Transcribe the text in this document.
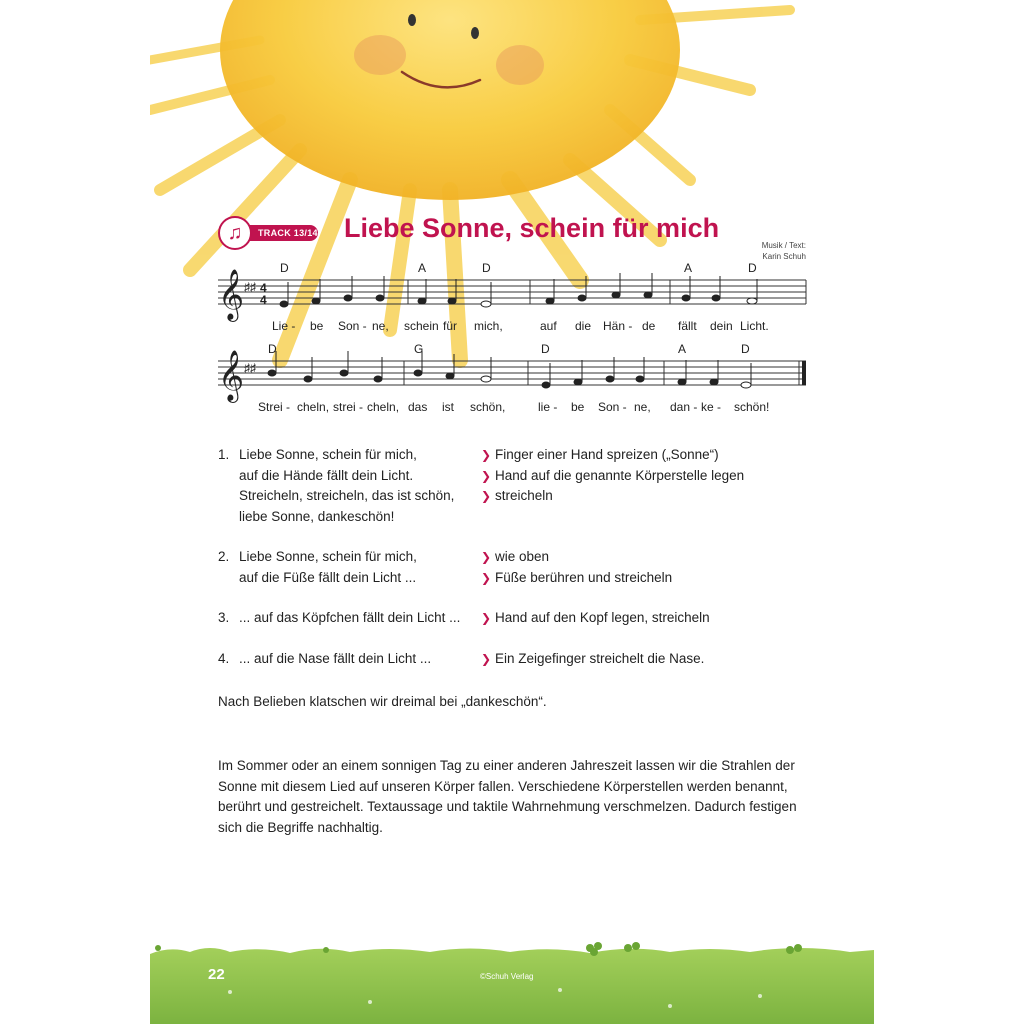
TRACK 13/14
♫	Liebe Sonne, schein für mich
Musik / Text:
Karin Schuh
𝄞 ♯♯ 4
4
D	A	D	A	D
Lie - be Son - ne, schein für mich,	auf die Hän - de fällt dein Licht.
𝄞 ♯♯
D	G	D	A	D
Strei - cheln, strei - cheln, das ist schön,	lie - be Son - ne, dan - ke - schön!
1. Liebe Sonne, schein für mich,	❯ Finger einer Hand spreizen („Sonne“)
auf die Hände fällt dein Licht.	❯ Hand auf die genannte Körperstelle legen
Streicheln, streicheln, das ist schön,	❯ streicheln
liebe Sonne, dankeschön!
2. Liebe Sonne, schein für mich,	❯ wie oben
auf die Füße fällt dein Licht ...	❯ Füße berühren und streicheln
3. ... auf das Köpfchen fällt dein Licht ...	❯ Hand auf den Kopf legen, streicheln
4. ... auf die Nase fällt dein Licht ...	❯ Ein Zeigefinger streichelt die Nase.
Nach Belieben klatschen wir dreimal bei „dankeschön“.

Im Sommer oder an einem sonnigen Tag zu einer anderen Jahreszeit lassen wir die Strahlen der Sonne mit diesem Lied auf unseren Körper fallen. Verschiedene Körperstellen werden benannt, berührt und gestreichelt. Textaussage und taktile Wahrnehmung verschmelzen. Dadurch festigen sich die Begriffe nachhaltig.

22	©Schuh Verlag
